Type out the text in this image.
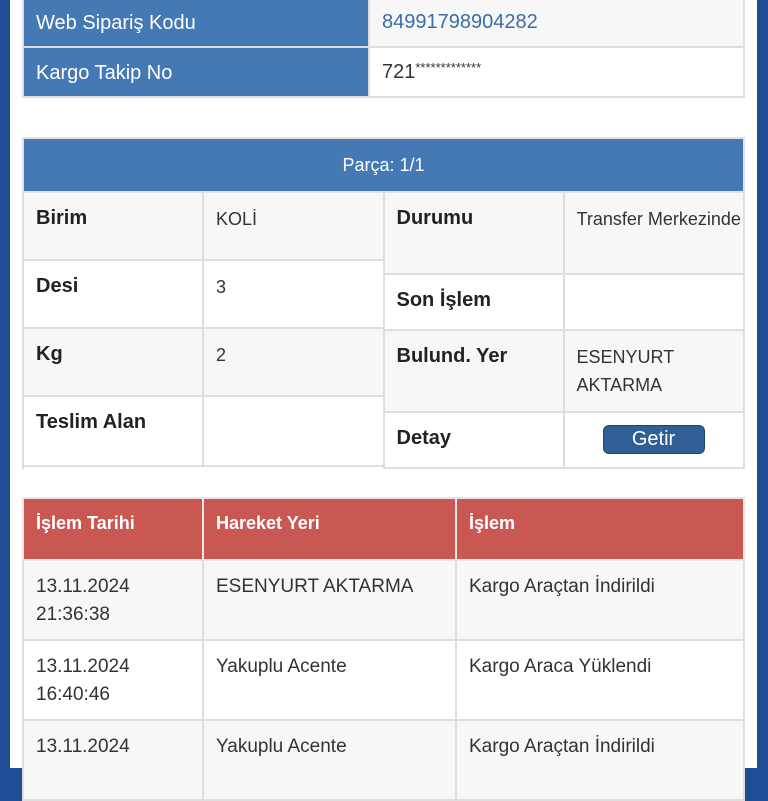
Web Sipariş Kodu	84991798904282
Kargo Takip No	721*************
Parça: 1/1

Birim	KOLİ
Desi	3
Kg	2
Teslim Alan
Durumu	Transfer Merkezinde
Son İşlem
Bulund. Yer	ESENYURT AKTARMA
Detay	Getir
İşlem Tarihi	Hareket Yeri	İşlem

13.11.2024
21:36:38	ESENYURT AKTARMA	Kargo Araçtan İndirildi

13.11.2024
16:40:46	Yakuplu Acente	Kargo Araca Yüklendi

13.11.2024	Yakuplu Acente	Kargo Araçtan İndirildi
